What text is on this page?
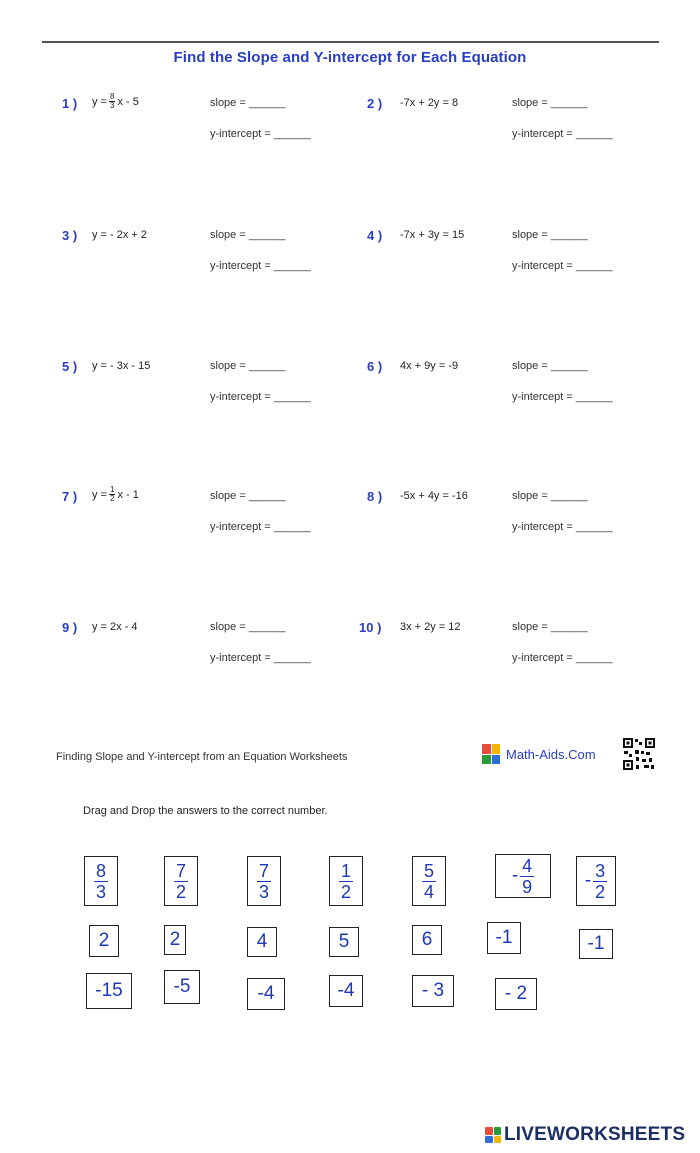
Find the Slope and Y-intercept for Each Equation
1 ) $y = \frac{8}{3}$ x - 5	slope = ______
y-intercept = ______
2 ) -7x + 2y = 8	slope = ______
y-intercept = ______
3 ) y = - 2x + 2	slope = ______
y-intercept = ______
4 ) -7x + 3y = 15	slope = ______
y-intercept = ______
5 ) y = - 3x - 15	slope = ______
y-intercept = ______
6 ) 4x + 9y = -9	slope = ______
y-intercept = ______
7 ) $y = \frac{1}{2}$ x - 1	slope = ______
y-intercept = ______
8 ) -5x + 4y = -16	slope = ______
y-intercept = ______
9 ) y = 2x - 4	slope = ______
y-intercept = ______
10 ) 3x + 2y = 12	slope = ______
y-intercept = ______
Finding Slope and Y-intercept from an Equation Worksheets	Math-Aids.Com
Drag and Drop the answers to the correct number.
$\frac{8}{3}$	$\frac{7}{2}$	$\frac{7}{3}$	$\frac{1}{2}$	$\frac{5}{4}$	- $\frac{4}{9}$	- $\frac{3}{2}$
2	2	4	5	6	-1	-1
-15	-5	-4	-4	- 3	- 2
LIVEWORKSHEETS
